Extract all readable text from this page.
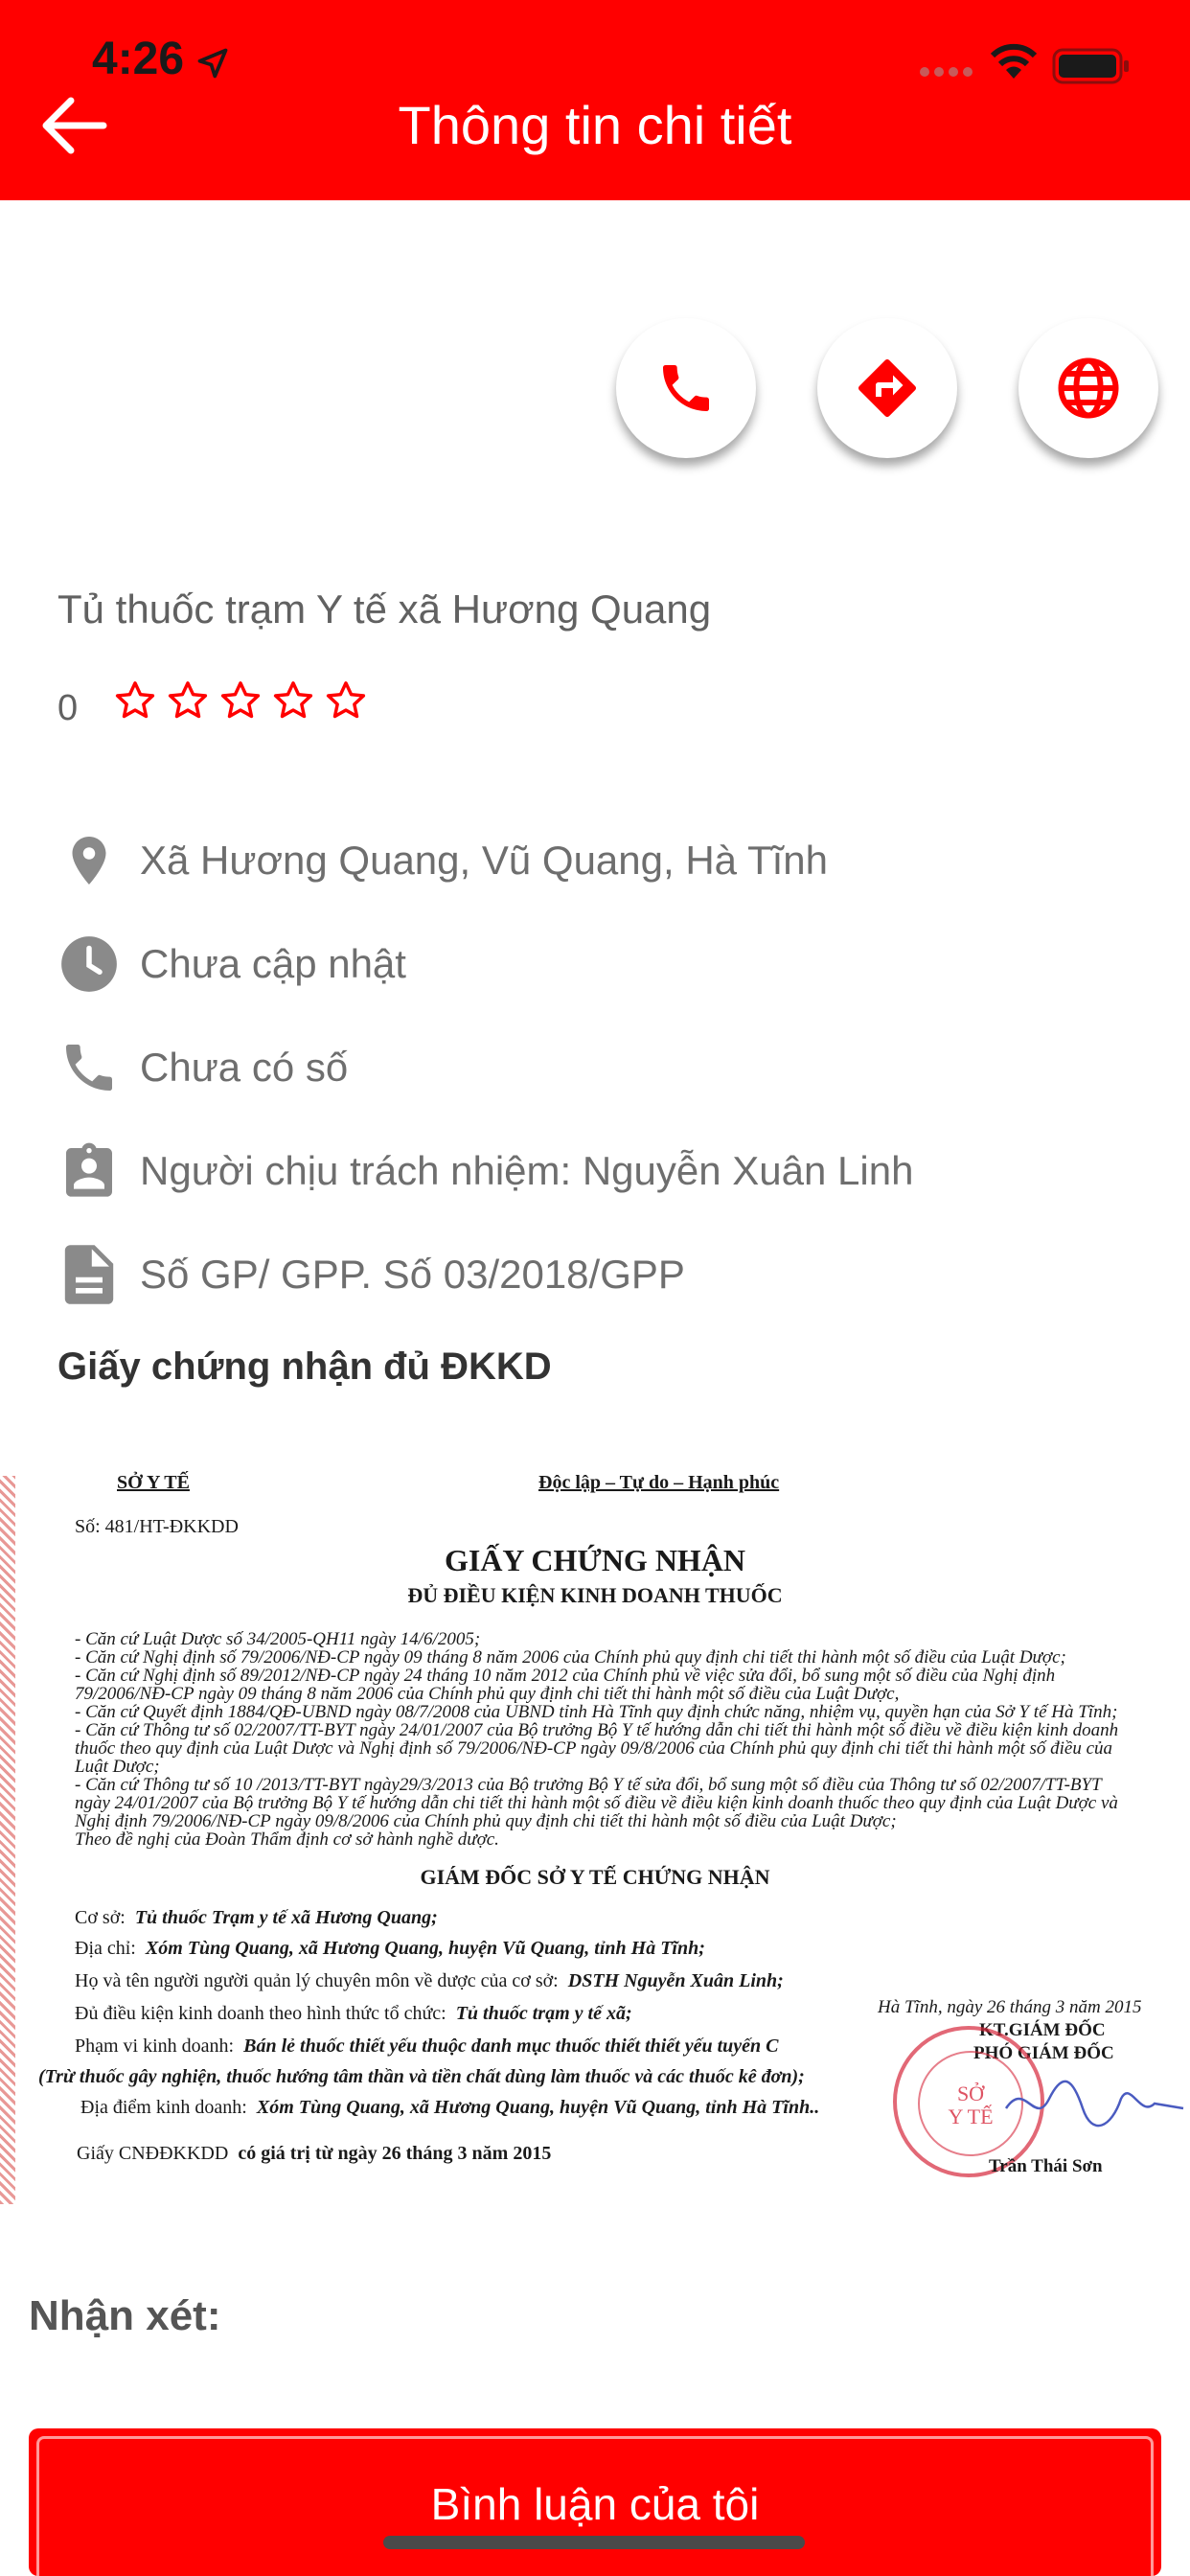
4:26
Thông tin chi tiết
Tủ thuốc trạm Y tế xã Hương Quang
0
Xã Hương Quang, Vũ Quang, Hà Tĩnh
Chưa cập nhật
Chưa có số
Người chịu trách nhiệm: Nguyễn Xuân Linh
Số GP/ GPP. Số 03/2018/GPP
Giấy chứng nhận đủ ĐKKD
SỞ Y TẾ	Độc lập – Tự do – Hạnh phúc
Số: 481/HT-ĐKKDD
GIẤY CHỨNG NHẬN
ĐỦ ĐIỀU KIỆN KINH DOANH THUỐC
- Căn cứ Luật Dược số 34/2005-QH11 ngày 14/6/2005;
- Căn cứ Nghị định số 79/2006/NĐ-CP ngày 09 tháng 8 năm 2006 của Chính phủ quy định chi tiết thi hành một số điều của Luật Dược;
- Căn cứ Nghị định số 89/2012/NĐ-CP ngày 24 tháng 10 năm 2012 của Chính phủ về việc sửa đổi, bổ sung một số điều của Nghị định
79/2006/NĐ-CP ngày 09 tháng 8 năm 2006 của Chính phủ quy định chi tiết thi hành một số điều của Luật Dược,
- Căn cứ Quyết định 1884/QĐ-UBND ngày 08/7/2008 của UBND tỉnh Hà Tĩnh quy định chức năng, nhiệm vụ, quyền hạn của Sở Y tế Hà Tĩnh;
- Căn cứ Thông tư số 02/2007/TT-BYT ngày 24/01/2007 của Bộ trưởng Bộ Y tế hướng dẫn chi tiết thi hành một số điều về điều kiện kinh doanh
thuốc theo quy định của Luật Dược và Nghị định số 79/2006/NĐ-CP ngày 09/8/2006 của Chính phủ quy định chi tiết thi hành một số điều của
Luật Dược;
- Căn cứ Thông tư số 10 /2013/TT-BYT ngày29/3/2013 của Bộ trưởng Bộ Y tế sửa đổi, bổ sung một số điều của Thông tư số 02/2007/TT-BYT
ngày 24/01/2007 của Bộ trưởng Bộ Y tế hướng dẫn chi tiết thi hành một số điều về điều kiện kinh doanh thuốc theo quy định của Luật Dược và
Nghị định 79/2006/NĐ-CP ngày 09/8/2006 của Chính phủ quy định chi tiết thi hành một số điều của Luật Dược;
Theo đề nghị của Đoàn Thẩm định cơ sở hành nghề dược.
GIÁM ĐỐC SỞ Y TẾ CHỨNG NHẬN
Cơ sở: Tủ thuốc Trạm y tế xã Hương Quang;
Địa chỉ: Xóm Tùng Quang, xã Hương Quang, huyện Vũ Quang, tỉnh Hà Tĩnh;
Họ và tên người người quản lý chuyên môn về dược của cơ sở: DSTH Nguyễn Xuân Linh;
Đủ điều kiện kinh doanh theo hình thức tổ chức: Tủ thuốc trạm y tế xã;
Phạm vi kinh doanh: Bán lẻ thuốc thiết yếu thuộc danh mục thuốc thiết thiết yếu tuyến C
(Trừ thuốc gây nghiện, thuốc hướng tâm thần và tiền chất dùng làm thuốc và các thuốc kê đơn);
Địa điểm kinh doanh: Xóm Tùng Quang, xã Hương Quang, huyện Vũ Quang, tỉnh Hà Tĩnh..
Giấy CNĐĐKKDD có giá trị từ ngày 26 tháng 3 năm 2015
Hà Tĩnh, ngày 26 tháng 3 năm 2015
KT.GIÁM ĐỐC
PHÓ GIÁM ĐỐC
SỞ
Y TẾ
Trần Thái Sơn
Nhận xét:
Bình luận của tôi
